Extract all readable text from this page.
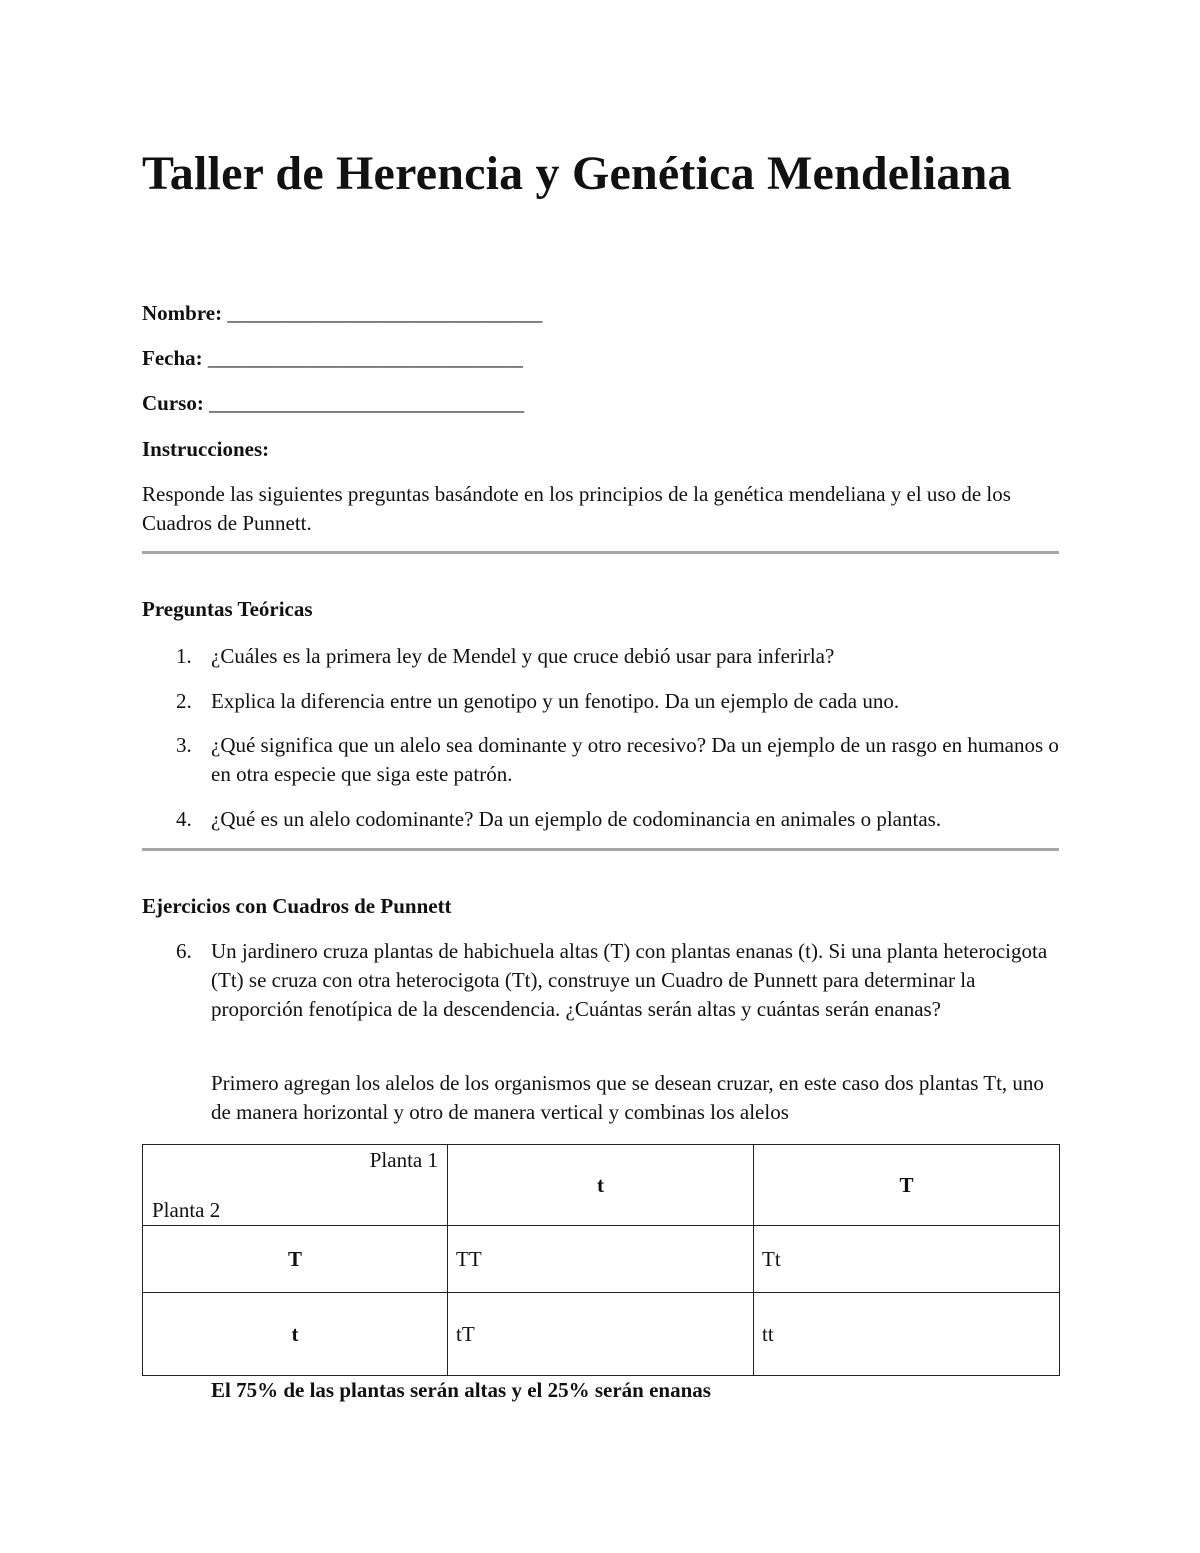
Taller de Herencia y Genética Mendeliana

Nombre: ______________________________

Fecha: ______________________________

Curso: ______________________________

Instrucciones:

Responde las siguientes preguntas basándote en los principios de la genética mendeliana y el uso de los Cuadros de Punnett.

Preguntas Teóricas

1. ¿Cuáles es la primera ley de Mendel y que cruce debió usar para inferirla?

2. Explica la diferencia entre un genotipo y un fenotipo. Da un ejemplo de cada uno.

3. ¿Qué significa que un alelo sea dominante y otro recesivo? Da un ejemplo de un rasgo en humanos o en otra especie que siga este patrón.

4. ¿Qué es un alelo codominante? Da un ejemplo de codominancia en animales o plantas.

Ejercicios con Cuadros de Punnett

6. Un jardinero cruza plantas de habichuela altas (T) con plantas enanas (t). Si una planta heterocigota (Tt) se cruza con otra heterocigota (Tt), construye un Cuadro de Punnett para determinar la proporción fenotípica de la descendencia. ¿Cuántas serán altas y cuántas serán enanas?

Primero agregan los alelos de los organismos que se desean cruzar, en este caso dos plantas Tt, uno de manera horizontal y otro de manera vertical y combinas los alelos

Planta 1
Planta 2	t	T
T	TT	Tt
t	tT	tt

El 75% de las plantas serán altas y el 25% serán enanas
